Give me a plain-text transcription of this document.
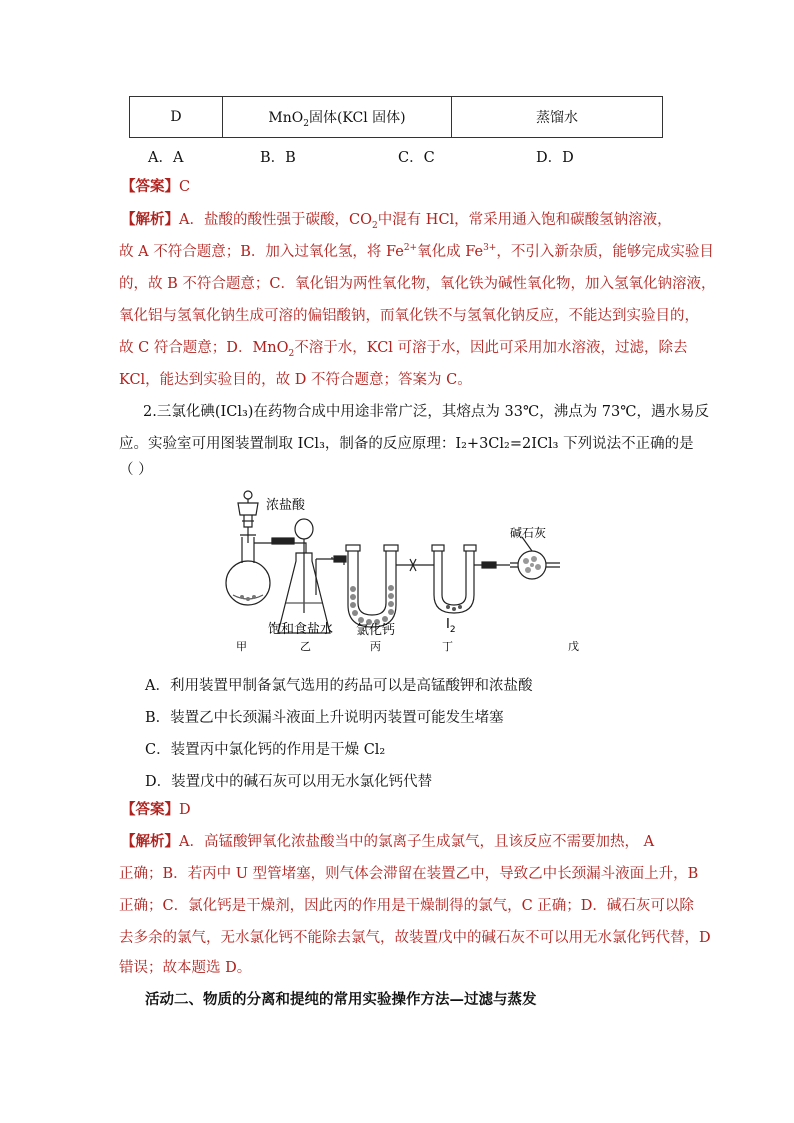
D	MnO$_2$固体(KCl 固体)	蒸馏水
A．A	B．B	C．C	D．D
【答案】C
【解析】A．盐酸的酸性强于碳酸，$CO_2$中混有 HCl，常采用通入饱和碳酸氢钠溶液，
故 A 不符合题意；B．加入过氧化氢，将 $Fe^{2+}$氧化成 $Fe^{3+}$，不引入新杂质，能够完成实验目
的，故 B 不符合题意；C．氧化铝为两性氧化物，氧化铁为碱性氧化物，加入氢氧化钠溶液，
氧化铝与氢氧化钠生成可溶的偏铝酸钠，而氧化铁不与氢氧化钠反应，不能达到实验目的，
故 C 符合题意；D．MnO$_2$不溶于水，KCl 可溶于水，因此可采用加水溶液，过滤，除去
KCl，能达到实验目的，故 D 不符合题意；答案为 C。
2.三氯化碘(ICl₃)在药物合成中用途非常广泛，其熔点为 33℃，沸点为 73℃，遇水易反
应。实验室可用图装置制取 ICl₃，制备的反应原理：I₂+3Cl₂=2ICl₃ 下列说法不正确的是
（ ）
浓盐酸
碱石灰
饱和食盐水 氯化钙	$I_2$
甲	乙	丙	丁	戊
A．利用装置甲制备氯气选用的药品可以是高锰酸钾和浓盐酸
B．装置乙中长颈漏斗液面上升说明丙装置可能发生堵塞
C．装置丙中氯化钙的作用是干燥 Cl₂
D．装置戊中的碱石灰可以用无水氯化钙代替
【答案】D
【解析】A．高锰酸钾氧化浓盐酸当中的氯离子生成氯气，且该反应不需要加热， A
正确；B．若丙中 U 型管堵塞，则气体会滞留在装置乙中，导致乙中长颈漏斗液面上升，B
正确；C．氯化钙是干燥剂，因此丙的作用是干燥制得的氯气，C 正确；D．碱石灰可以除
去多余的氯气，无水氯化钙不能除去氯气，故装置戊中的碱石灰不可以用无水氯化钙代替，D
错误；故本题选 D。
活动二、物质的分离和提纯的常用实验操作方法—过滤与蒸发
